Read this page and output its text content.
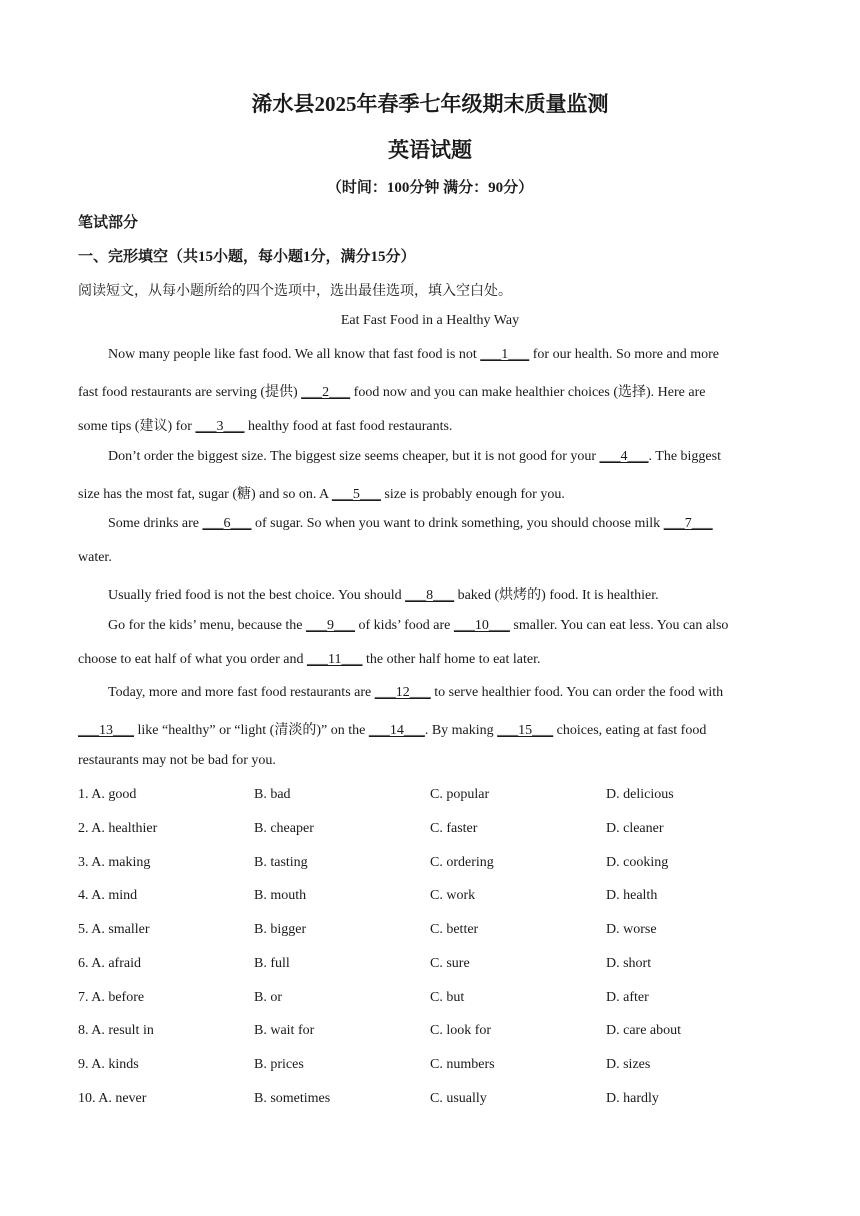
浠水县2025年春季七年级期末质量监测
英语试题
（时间：100分钟 满分：90分）
笔试部分
一、完形填空（共15小题，每小题1分，满分15分）
阅读短文，从每小题所给的四个选项中，选出最佳选项，填入空白处。
Eat Fast Food in a Healthy Way
Now many people like fast food. We all know that fast food is not ___1___ for our health. So more and more
fast food restaurants are serving (提供) ___2___ food now and you can make healthier choices (选择). Here are
some tips (建议) for ___3___ healthy food at fast food restaurants.
Don’t order the biggest size. The biggest size seems cheaper, but it is not good for your ___4___. The biggest
size has the most fat, sugar (糖) and so on. A ___5___ size is probably enough for you.
Some drinks are ___6___ of sugar. So when you want to drink something, you should choose milk ___7___
water.
Usually fried food is not the best choice. You should ___8___ baked (烘烤的) food. It is healthier.
Go for the kids’ menu, because the ___9___ of kids’ food are ___10___ smaller. You can eat less. You can also
choose to eat half of what you order and ___11___ the other half home to eat later.
Today, more and more fast food restaurants are ___12___ to serve healthier food. You can order the food with
___13___ like “healthy” or “light (清淡的)” on the ___14___. By making ___15___ choices, eating at fast food
restaurants may not be bad for you.
1. A. good	B. bad	C. popular	D. delicious
2. A. healthier	B. cheaper	C. faster	D. cleaner
3. A. making	B. tasting	C. ordering	D. cooking
4. A. mind	B. mouth	C. work	D. health
5. A. smaller	B. bigger	C. better	D. worse
6. A. afraid	B. full	C. sure	D. short
7. A. before	B. or	C. but	D. after
8. A. result in	B. wait for	C. look for	D. care about
9. A. kinds	B. prices	C. numbers	D. sizes
10. A. never	B. sometimes	C. usually	D. hardly
